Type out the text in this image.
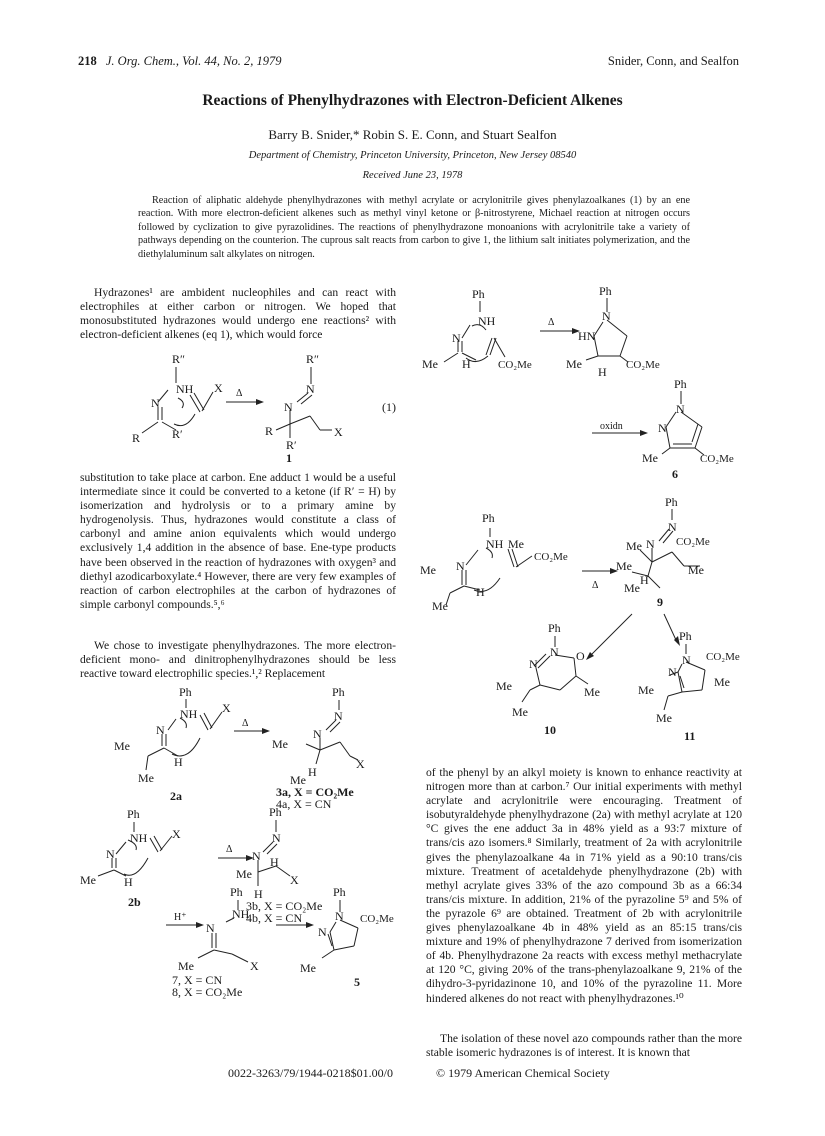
218 J. Org. Chem., Vol. 44, No. 2, 1979	Snider, Conn, and Sealfon
Reactions of Phenylhydrazones with Electron-Deficient Alkenes
Barry B. Snider,* Robin S. E. Conn, and Stuart Sealfon
Department of Chemistry, Princeton University, Princeton, New Jersey 08540
Received June 23, 1978
Reaction of aliphatic aldehyde phenylhydrazones with methyl acrylate or acrylonitrile gives phenylazoalkanes (1) by an ene reaction. With more electron-deficient alkenes such as methyl vinyl ketone or β-nitrostyrene, Michael reaction at nitrogen occurs followed by cyclization to give pyrazolidines. The reactions of phenylhydrazone monoanions with acrylonitrile take a variety of pathways depending on the counterion. The cuprous salt reacts from carbon to give 1, the lithium salt initiates polymerization, and the diethylaluminum salt alkylates on nitrogen.
Hydrazones¹ are ambident nucleophiles and can react with electrophiles at either carbon or nitrogen. We hoped that monosubstituted hydrazones would undergo ene reactions² with electron-deficient alkenes (eq 1), which would force
substitution to take place at carbon. Ene adduct 1 would be a useful intermediate since it could be converted to a ketone (if R′ = H) by isomerization and hydrolysis or to a primary amine by hydrogenolysis. Thus, hydrazones would constitute a class of carbonyl and amine anion equivalents which would undergo exclusively 1,4 addition in the absence of base. Ene-type products have been observed in the reaction of hydrazones with oxygen³ and diethyl azodicarboxylate.⁴ However, there are very few examples of reaction of carbon electrophiles at the carbon of hydrazones of simple carbonyl compounds.⁵,⁶
We chose to investigate phenylhydrazones. The more electron-deficient mono- and dinitrophenylhydrazones should be less reactive toward electrophilic species.¹,² Replacement
of the phenyl by an alkyl moiety is known to enhance reactivity at nitrogen more than at carbon.⁷ Our initial experiments with methyl acrylate and acrylonitrile were encouraging. Treatment of isobutyraldehyde phenylhydrazone (2a) with methyl acrylate at 120 °C gives the ene adduct 3a in 48% yield as a 93:7 mixture of trans/cis azo isomers.⁸ Similarly, treatment of 2a with acrylonitrile gives the phenylazoalkane 4a in 71% yield as a 90:10 trans/cis mixture. Treatment of acetaldehyde phenylhydrazone (2b) with methyl acrylate gives 33% of the azo compound 3b as a 66:34 trans/cis mixture. In addition, 21% of the pyrazoline 5⁹ and 5% of the pyrazole 6⁹ are obtained. Treatment of 2b with acrylonitrile gives phenylazoalkane 4b in 48% yield as an 85:15 trans/cis mixture and 19% of phenylhydrazone 7 derived from isomerization of 4b. Phenylhydrazone 2a reacts with excess methyl methacrylate at 120 °C, giving 20% of the trans-phenylazoalkane 9, 21% of the dihydro-3-pyridazinone 10, and 10% of the pyrazoline 11. More hindered alkenes do not react with phenylhydrazones.¹⁰
The isolation of these novel azo compounds rather than the more stable isomeric hydrazones is of interest. It is known that
R″
NH
N
R	R′
X Δ
R″
N
N
R
R′
X
(1)
1
Ph
NH
N
Me H CO₂Me
Δ
Ph
N
HN
Me
H CO₂Me
oxidn
Ph
N
N
Me	CO₂Me
6
Ph
NH
N
Me
CO₂Me
Me
H
Me
Δ
Ph
N
N
Me	CO₂Me
Me	Me
H
Me
9
Ph
N
N
O
Me	Me
Me
10
Ph
N
N
CO₂Me
Me
Me
Me
11
Ph
NH
N
X
Me
H
Me
2a
Δ
Ph
N
N
Me
X
H
Me
3a, X = CO₂Me
4a, X = CN
Ph
NH
N
X
Me H
2b
Δ
Ph
N
N H
Me	X
H
3b, X = CO₂Me
4b, X = CN
Ph
NH
N
H⁺
Me	X
7, X = CN
8, X = CO₂Me
Ph
N
N
CO₂Me
Me
5
0022-3263/79/1944-0218$01.00/0	© 1979 American Chemical Society
